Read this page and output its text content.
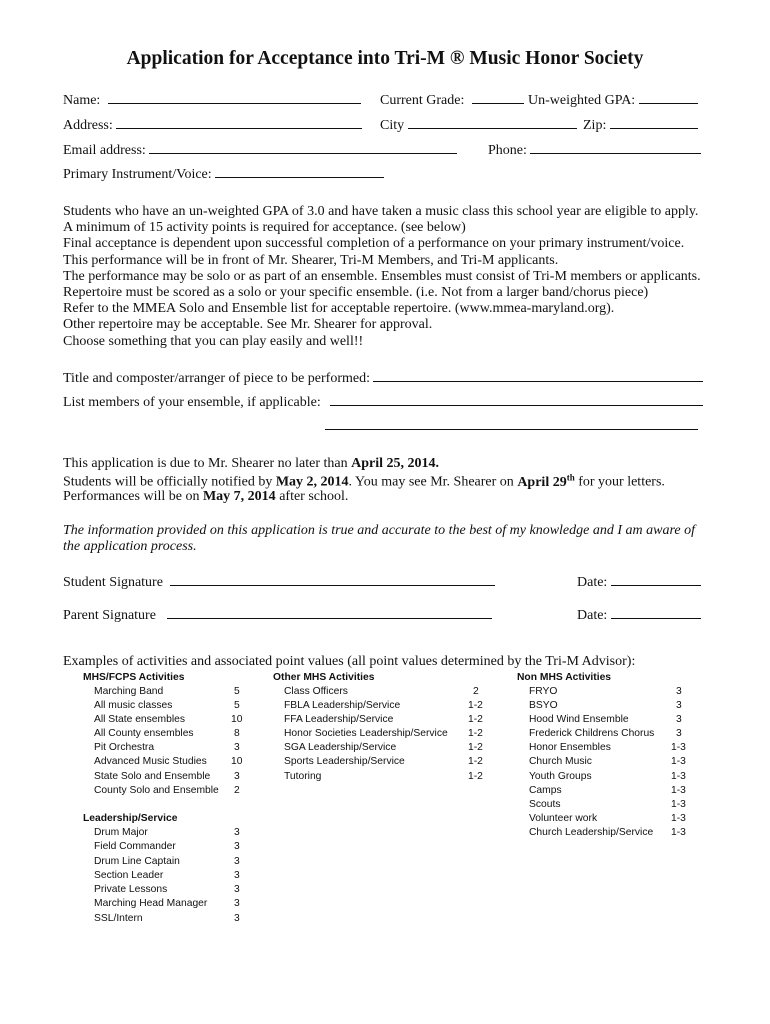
Application for Acceptance into Tri-M ® Music Honor Society
Name:	Current Grade:	Un-weighted GPA:
Address:	City	Zip:
Email address:	Phone:
Primary Instrument/Voice:
Students who have an un-weighted GPA of 3.0 and have taken a music class this school year are eligible to apply.
A minimum of 15 activity points is required for acceptance. (see below)
Final acceptance is dependent upon successful completion of a performance on your primary instrument/voice.
This performance will be in front of Mr. Shearer, Tri-M Members, and Tri-M applicants.
The performance may be solo or as part of an ensemble. Ensembles must consist of Tri-M members or applicants.
Repertoire must be scored as a solo or your specific ensemble. (i.e. Not from a larger band/chorus piece)
Refer to the MMEA Solo and Ensemble list for acceptable repertoire. (www.mmea-maryland.org).
Other repertoire may be acceptable. See Mr. Shearer for approval.
Choose something that you can play easily and well!!
Title and composter/arranger of piece to be performed:
List members of your ensemble, if applicable:
This application is due to Mr. Shearer no later than April 25, 2014.
Students will be officially notified by May 2, 2014. You may see Mr. Shearer on April 29th for your letters.
Performances will be on May 7, 2014 after school.
The information provided on this application is true and accurate to the best of my knowledge and I am aware of
the application process.
Student Signature	Date:
Parent Signature	Date:
Examples of activities and associated point values (all point values determined by the Tri-M Advisor):
MHS/FCPS Activities	Other MHS Activities	Non MHS Activities
Marching Band	5
All music classes	5
All State ensembles	10
All County ensembles	8
Pit Orchestra	3
Advanced Music Studies 10
State Solo and Ensemble 3
County Solo and Ensemble 2
Leadership/Service
Drum Major	3
Field Commander	3
Drum Line Captain	3
Section Leader	3
Private Lessons	3
Marching Head Manager	3
SSL/Intern	3
Class Officers	2
FBLA Leadership/Service	1-2
FFA Leadership/Service	1-2
Honor Societies Leadership/Service 1-2
SGA Leadership/Service	1-2
Sports Leadership/Service	1-2
Tutoring	1-2
FRYO	3
BSYO	3
Hood Wind Ensemble	3
Frederick Childrens Chorus 3
Honor Ensembles	1-3
Church Music	1-3
Youth Groups	1-3
Camps	1-3
Scouts	1-3
Volunteer work	1-3
Church Leadership/Service 1-3
